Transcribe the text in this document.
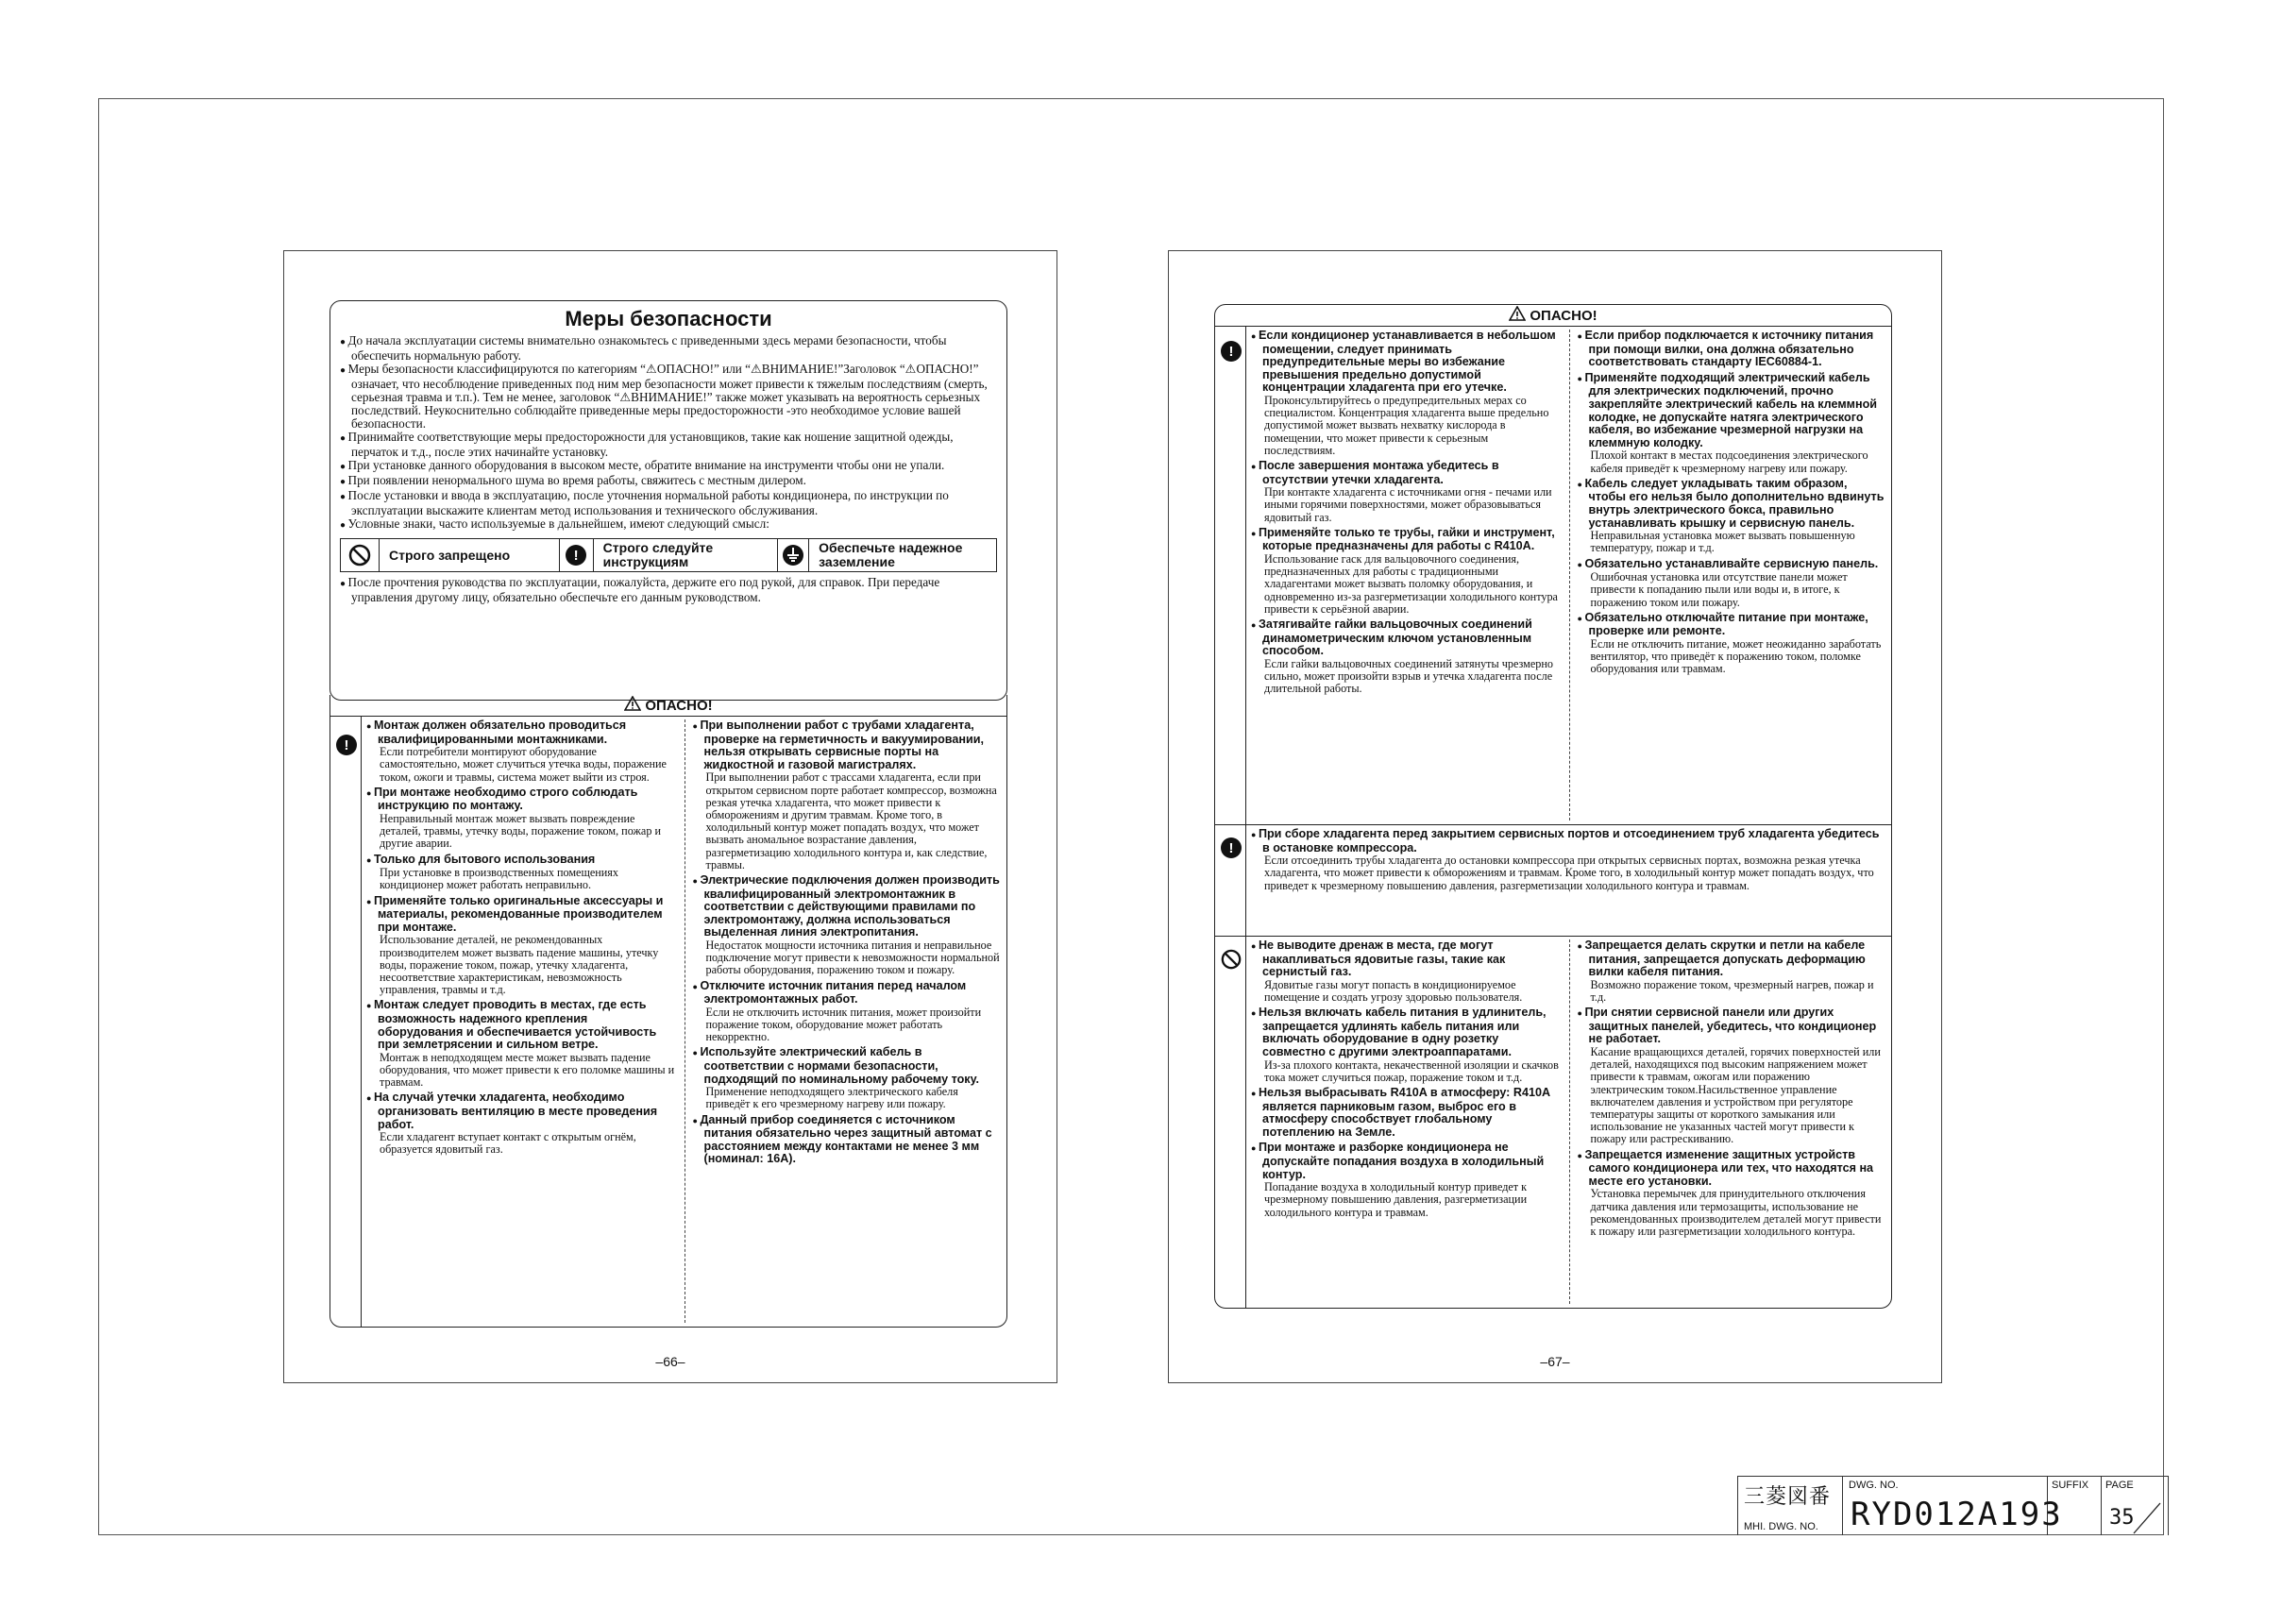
Меры безопасности

● До начала эксплуатации системы внимательно ознакомьтесь с приведенными здесь мерами безопасности, чтобы обеспечить нормальную работу.

● Меры безопасности классифицируются по категориям “⚠ОПАСНО!” или “⚠ВНИМАНИЕ!”Заголовок “⚠ОПАСНО!” означает, что несоблюдение приведенных под ним мер безопасности может привести к тяжелым последствиям (смерть, серьезная травма и т.п.). Тем не менее, заголовок “⚠ВНИМАНИЕ!” также может указывать на вероятность серьезных последствий. Неукоснительно соблюдайте приведенные меры предосторожности -это необходимое условие вашей безопасности.

● Принимайте соответствующие меры предосторожности для установщиков, такие как ношение защитной одежды, перчаток и т.д., после этих начинайте установку.

● При установке данного оборудования в высоком месте, обратите внимание на инструменти чтобы они не упали.

● При появлении ненормального шума во время работы, свяжитесь с местным дилером.

● После установки и ввода в эксплуатацию, после уточнения нормальной работы кондиционера, по инструкции по эксплуатации выскажите клиентам метод использования и технического обслуживания.

● Условные знаки, часто используемые в дальнейшем, имеют следующий смысл:

Строго запрещено	!	Строго следуйте инструкциям
Обеспечьте надежное заземление

● После прочтения руководства по эксплуатации, пожалуйста, держите его под рукой, для справок. При передаче управления другому лицу, обязательно обеспечьте его данным руководством.

ОПАСНО!
!
● Монтаж должен обязательно проводиться квалифицированными монтажниками.
Если потребители монтируют оборудование самостоятельно, может случиться утечка воды, поражение током, ожоги и травмы, система может выйти из строя.
● При монтаже необходимо строго соблюдать инструкцию по монтажу.
Неправильный монтаж может вызвать повреждение деталей, травмы, утечку воды, поражение током, пожар и другие аварии.
● Только для бытового использования
При установке в производственных помещениях кондиционер может работать неправильно.
● Применяйте только оригинальные аксессуары и материалы, рекомендованные производителем при монтаже.
Использование деталей, не рекомендованных производителем может вызвать падение машины, утечку воды, поражение током, пожар, утечку хладагента, несоответствие характеристикам, невозможность управления, травмы и т.д.
● Монтаж следует проводить в местах, где есть возможность надежного крепления оборудования и обеспечивается устойчивость при землетрясении и сильном ветре.
Монтаж в неподходящем месте может вызвать падение оборудования, что может привести к его поломке машины и травмам.
● На случай утечки хладагента, необходимо организовать вентиляцию в месте проведения работ.
Если хладагент вступает контакт с открытым огнём, образуется ядовитый газ.
● При выполнении работ с трубами хладагента, проверке на герметичность и вакуумировании, нельзя открывать сервисные порты на жидкостной и газовой магистралях.
При выполнении работ с трассами хладагента, если при открытом сервисном порте работает компрессор, возможна резкая утечка хладагента, что может привести к обморожениям и другим травмам. Кроме того, в холодильный контур может попадать воздух, что может вызвать аномальное возрастание давления, разгерметизацию холодильного контура и, как следствие, травмы.
● Электрические подключения должен производить квалифицированный электромонтажник в соответствии с действующими правилами по электромонтажу, должна использоваться выделенная линия электропитания.
Недостаток мощности источника питания и неправильное подключение могут привести к невозможности нормальной работы оборудования, поражению током и пожару.
● Отключите источник питания перед началом электромонтажных работ.
Если не отключить источник питания, может произойти поражение током, оборудование может работать некорректно.
● Используйте электрический кабель в соответствии с нормами безопасности, подходящий по номинальному рабочему току.
Применение неподходящего электрического кабеля приведёт к его чрезмерному нагреву или пожару.
● Данный прибор соединяется с источником питания обязательно через защитный автомат с расстоянием между контактами не менее 3 мм (номинал: 16А).
–66–
ОПАСНО!
!
● Если кондиционер устанавливается в небольшом помещении, следует принимать предупредительные меры во избежание превышения предельно допустимой концентрации хладагента при его утечке.
Проконсультируйтесь о предупредительных мерах со специалистом. Концентрация хладагента выше предельно допустимой может вызвать нехватку кислорода в помещении, что может привести к серьезным последствиям.
● После завершения монтажа убедитесь в отсутствии утечки хладагента.
При контакте хладагента с источниками огня - печами или иными горячими поверхностями, может образовываться ядовитый газ.
● Применяйте только те трубы, гайки и инструмент, которые предназначены для работы с R410A.
Использование гаск для вальцовочного соединения, предназначенных для работы с традиционными хладагентами может вызвать поломку оборудования, и одновременно из-за разгерметизации холодильного контура привести к серьёзной аварии.
● Затягивайте гайки вальцовочных соединений динамометрическим ключом установленным способом.
Если гайки вальцовочных соединений затянуты чрезмерно сильно, может произойти взрыв и утечка хладагента после длительной работы.
● Если прибор подключается к источнику питания при помощи вилки, она должна обязательно соответствовать стандарту IEC60884-1.
● Применяйте подходящий электрический кабель для электрических подключений, прочно закрепляйте электрический кабель на клеммной колодке, не допускайте натяга электрического кабеля, во избежание чрезмерной нагрузки на клеммную колодку.
Плохой контакт в местах подсоединения электрического кабеля приведёт к чрезмерному нагреву или пожару.
● Кабель следует укладывать таким образом, чтобы его нельзя было дополнительно вдвинуть внутрь электрического бокса, правильно устанавливать крышку и сервисную панель.
Неправильная установка может вызвать повышенную температуру, пожар и т.д.
● Обязательно устанавливайте сервисную панель.
Ошибочная установка или отсутствие панели может привести к попаданию пыли или воды и, в итоге, к поражению током или пожару.
● Обязательно отключайте питание при монтаже, проверке или ремонте.
Если не отключить питание, может неожиданно заработать вентилятор, что приведёт к поражению током, поломке оборудования или травмам.
!
● При сборе хладагента перед закрытием сервисных портов и отсоединением труб хладагента убедитесь в остановке компрессора.
Если отсоединить трубы хладагента до остановки компрессора при открытых сервисных портах, возможна резкая утечка хладагента, что может привести к обморожениям и травмам. Кроме того, в холодильный контур может попадать воздух, что приведет к чрезмерному повышению давления, разгерметизации холодильного контура и травмам.
● Не выводите дренаж в места, где могут накапливаться ядовитые газы, такие как сернистый газ.
Ядовитые газы могут попасть в кондиционируемое помещение и создать угрозу здоровью пользователя.
● Нельзя включать кабель питания в удлинитель, запрещается удлинять кабель питания или включать оборудование в одну розетку совместно с другими электроаппаратами.
Из-за плохого контакта, некачественной изоляции и скачков тока может случиться пожар, поражение током и т.д.
● Нельзя выбрасывать R410A в атмосферу: R410A является парниковым газом, выброс его в атмосферу способствует глобальному потеплению на Земле.
● При монтаже и разборке кондиционера не допускайте попадания воздуха в холодильный контур.
Попадание воздуха в холодильный контур приведет к чрезмерному повышению давления, разгерметизации холодильного контура и травмам.
● Запрещается делать скрутки и петли на кабеле питания, запрещается допускать деформацию вилки кабеля питания.
Возможно поражение током, чрезмерный нагрев, пожар и т.д.
● При снятии сервисной панели или других защитных панелей, убедитесь, что кондиционер не работает.
Касание вращающихся деталей, горячих поверхностей или деталей, находящихся под высоким напряжением может привести к травмам, ожогам или поражению электрическим током.Насильственное управление включателем давления и устройством при регуляторе температуры защиты от короткого замыкания или использование не указанных частей могут привести к пожару или растрескиванию.
● Запрещается изменение защитных устройств самого кондиционера или тех, что находятся на месте его установки.
Установка перемычек для принудительного отключения датчика давления или термозащиты, использование не рекомендованных производителем деталей могут привести к пожару или разгерметизации холодильного контура.
–67–
三菱図番
MHI. DWG. NO.
DWG. NO.
RYD012A193
SUFFIX PAGE
35
